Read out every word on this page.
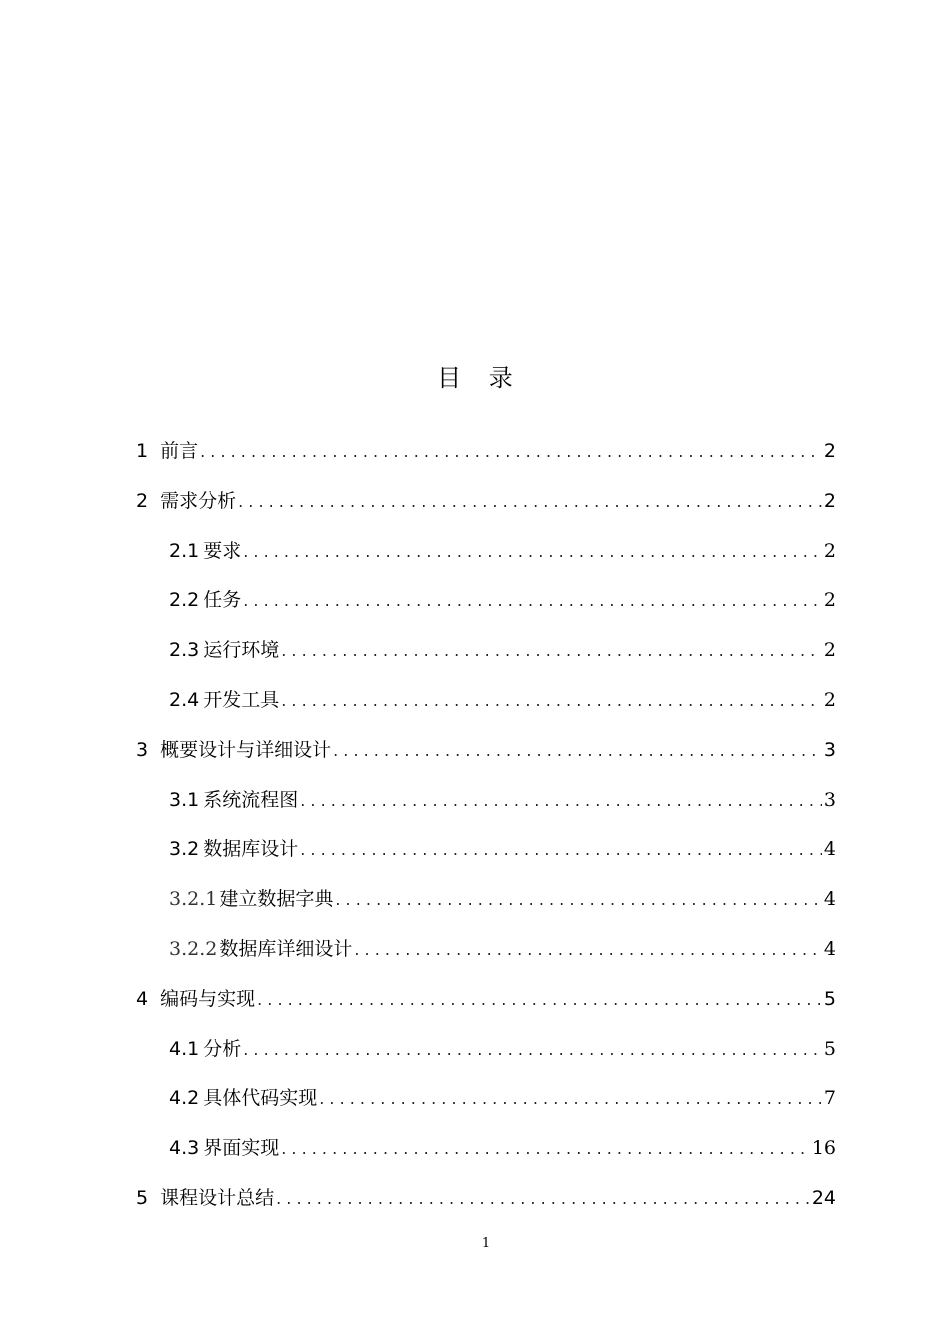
目 录
1 前言 . . .	2
2 需求分析 . . .	2
2.1 要求 . . .	2
2.2 任务 . . .	2
2.3 运行环境 . . .	2
2.4 开发工具 . . .	2
3 概要设计与详细设计 . . .	3
3.1 系统流程图 . . .	3
3.2 数据库设计 . . .	4
3.2.1 建立数据字典 . . .	4
3.2.2 数据库详细设计 . . .	4
4 编码与实现 . . .	5
4.1 分析 . . .	5
4.2 具体代码实现 . . .	7
4.3 界面实现 . . .	16
5 课程设计总结 . . .	24
1
